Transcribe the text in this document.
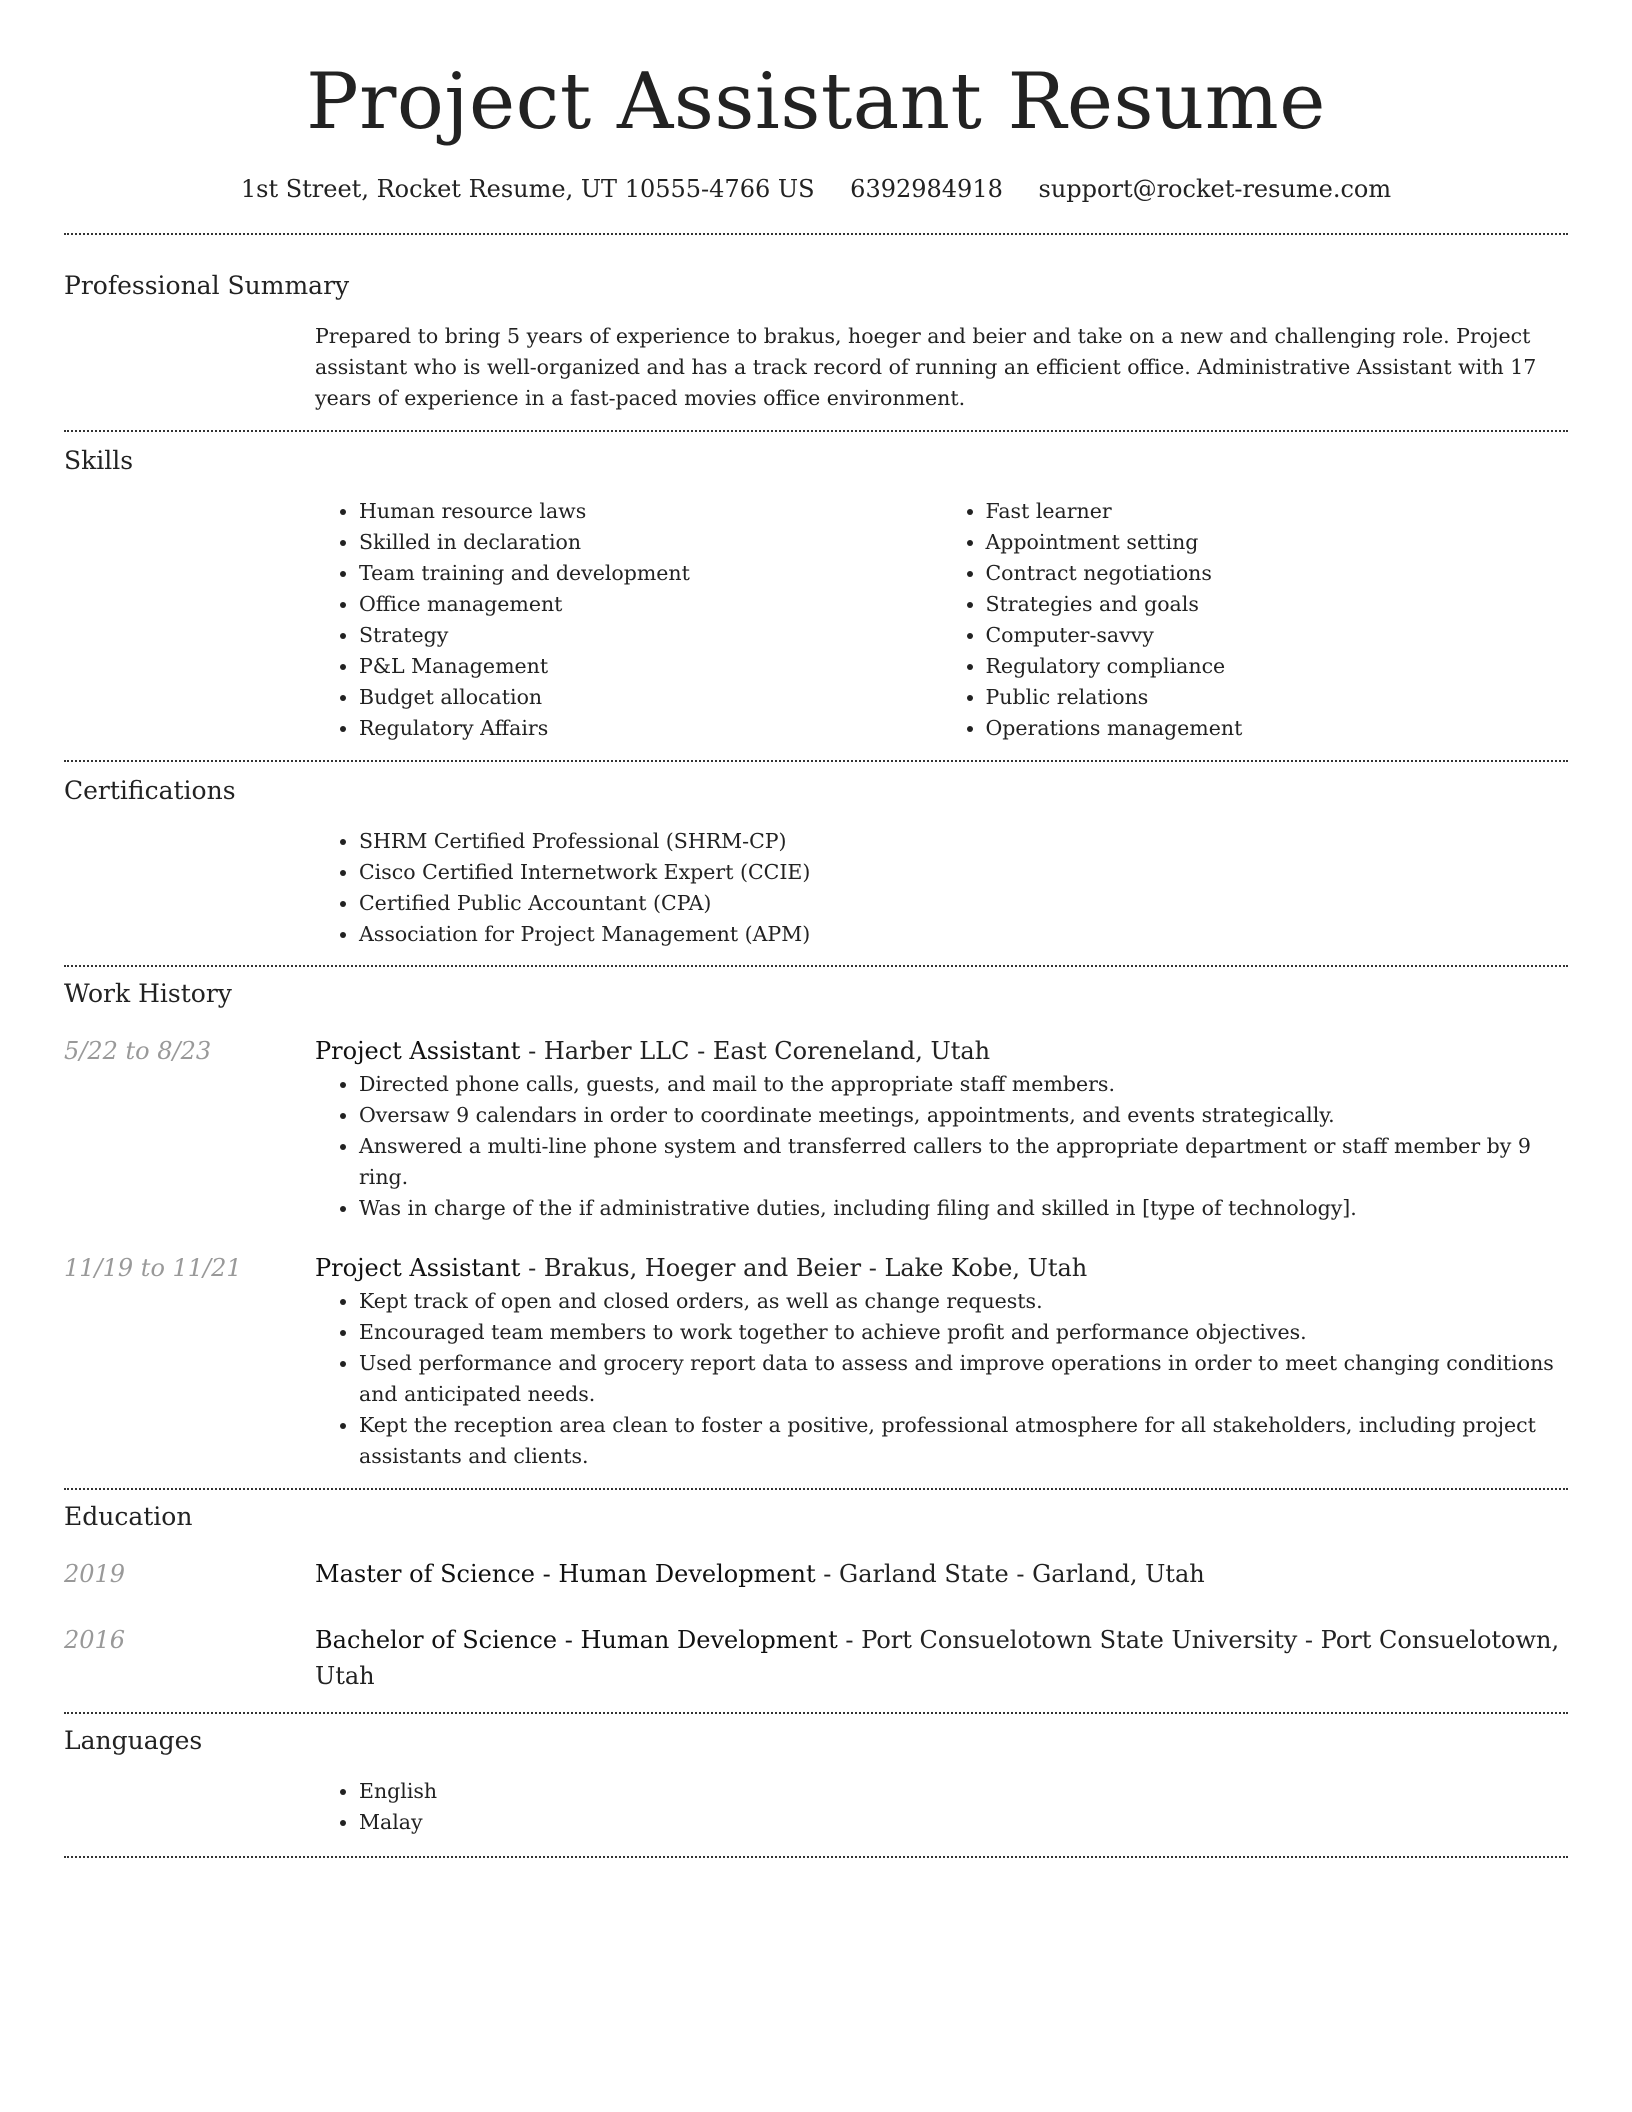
Project Assistant Resume
1st Street, Rocket Resume, UT 10555-4766 US 6392984918 support@rocket-resume.com
Professional Summary

Prepared to bring 5 years of experience to brakus, hoeger and beier and take on a new and challenging role. Project assistant who is well-organized and has a track record of running an efficient office. Administrative Assistant with 17 years of experience in a fast-paced movies office environment.

Skills
• Human resource laws
• Skilled in declaration
• Team training and development
• Office management
• Strategy
• P&L Management
• Budget allocation
• Regulatory Affairs
• Fast learner
• Appointment setting
• Contract negotiations
• Strategies and goals
• Computer-savvy
• Regulatory compliance
• Public relations
• Operations management
Certifications
• SHRM Certified Professional (SHRM-CP)
• Cisco Certified Internetwork Expert (CCIE)
• Certified Public Accountant (CPA)
• Association for Project Management (APM)
Work History
5/22 to 8/23	Project Assistant - Harber LLC - East Coreneland, Utah
• Directed phone calls, guests, and mail to the appropriate staff members.
• Oversaw 9 calendars in order to coordinate meetings, appointments, and events strategically.
• Answered a multi-line phone system and transferred callers to the appropriate department or staff member by 9 ring.
• Was in charge of the if administrative duties, including filing and skilled in [type of technology].
11/19 to 11/21	Project Assistant - Brakus, Hoeger and Beier - Lake Kobe, Utah
• Kept track of open and closed orders, as well as change requests.
• Encouraged team members to work together to achieve profit and performance objectives.
• Used performance and grocery report data to assess and improve operations in order to meet changing conditions and anticipated needs.
• Kept the reception area clean to foster a positive, professional atmosphere for all stakeholders, including project assistants and clients.
Education
2019	Master of Science - Human Development - Garland State - Garland, Utah
2016	Bachelor of Science - Human Development - Port Consuelotown State University - Port Consuelotown, Utah
Languages
• English
• Malay
